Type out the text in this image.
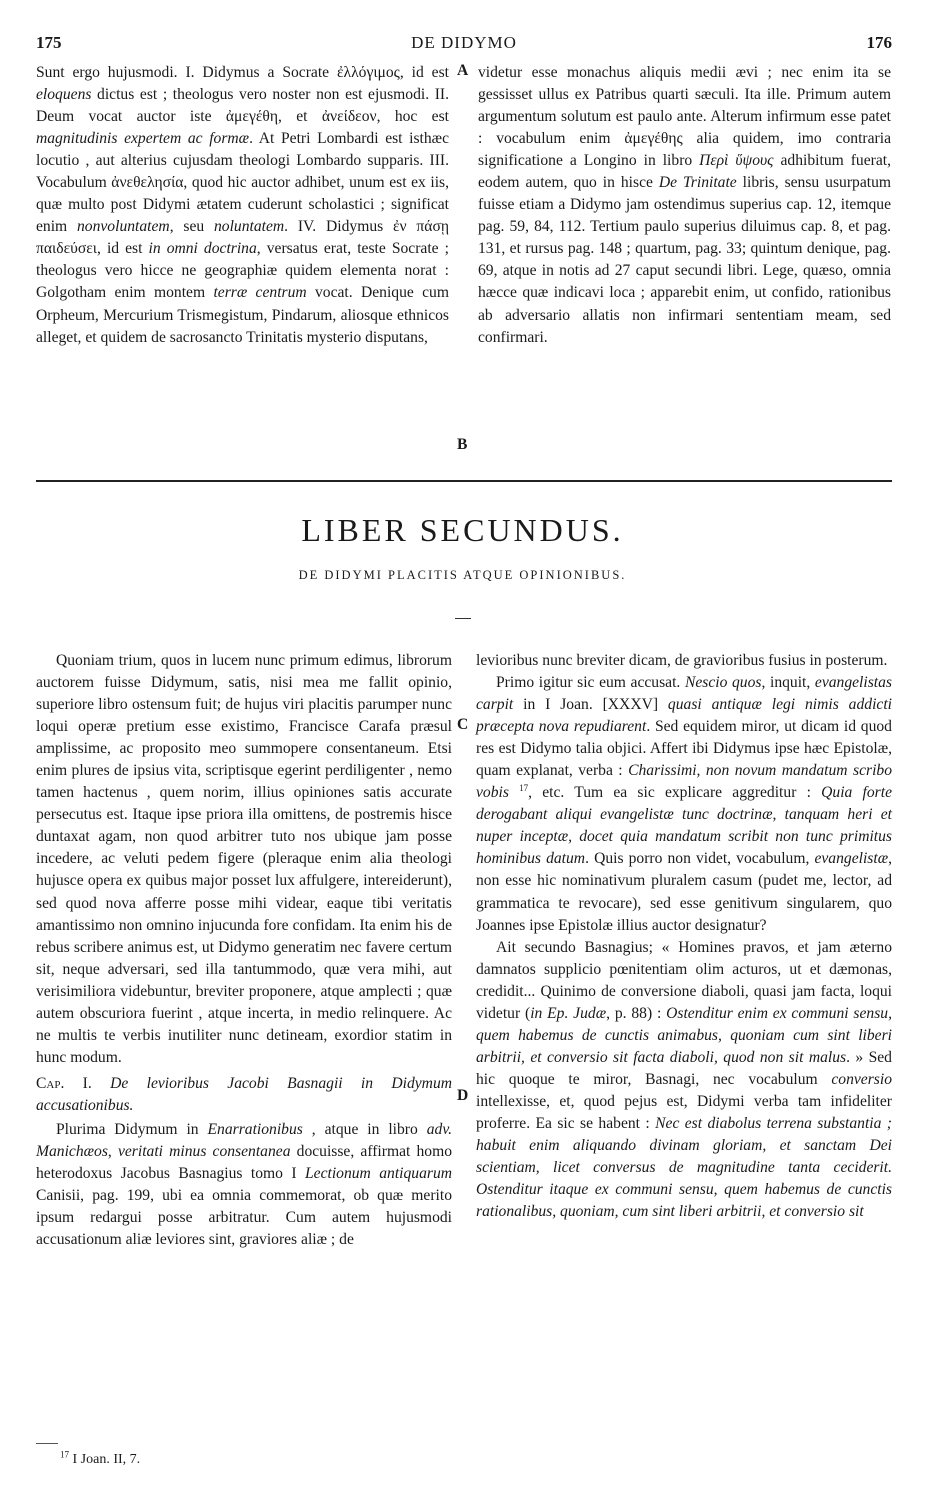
175	DE DIDYMO	176

Sunt ergo hujusmodi. I. Didymus a Socrate ἐλλόγιμος, id est eloquens dictus est ; theologus vero noster non est ejusmodi. II. Deum vocat auctor iste ἀμεγέθη, et ἀνείδεον, hoc est magnitudinis expertem ac formæ. At Petri Lombardi est isthæc locutio , aut alterius cujusdam theologi Lombardo supparis. III. Vocabulum ἀνεθελησία, quod hic auctor adhibet, unum est ex iis, quæ multo post Didymi ætatem cuderunt scholastici ; significat enim nonvoluntatem, seu noluntatem. IV. Didymus ἐν πάσῃ παιδεύσει, id est in omni doctrina, versatus erat, teste Socrate ; theologus vero hicce ne geographiæ quidem elementa norat : Golgotham enim montem terræ centrum vocat. Denique cum Orpheum, Mercurium Trismegistum, Pindarum, aliosque ethnicos alleget, et quidem de sacrosancto Trinitatis mysterio disputans,

videtur esse monachus aliquis medii ævi ; nec enim ita se gessisset ullus ex Patribus quarti sæculi. Ita ille. Primum autem argumentum solutum est paulo ante. Alterum infirmum esse patet : vocabulum enim ἀμεγέθης alia quidem, imo contraria significatione a Longino in libro Περὶ ὕψους adhibitum fuerat, eodem autem, quo in hisce De Trinitate libris, sensu usurpatum fuisse etiam a Didymo jam ostendimus superius cap. 12, itemque pag. 59, 84, 112. Tertium paulo superius diluimus cap. 8, et pag. 131, et rursus pag. 148 ; quartum, pag. 33; quintum denique, pag. 69, atque in notis ad 27 caput secundi libri. Lege, quæso, omnia hæcce quæ indicavi loca ; apparebit enim, ut confido, rationibus ab adversario allatis non infirmari sententiam meam, sed confirmari.

A
B
LIBER SECUNDUS.
DE DIDYMI PLACITIS ATQUE OPINIONIBUS.

Quoniam trium, quos in lucem nunc primum edimus, librorum auctorem fuisse Didymum, satis, nisi mea me fallit opinio, superiore libro ostensum fuit; de hujus viri placitis parumper nunc loqui operæ pretium esse existimo, Francisce Carafa præsul amplissime, ac proposito meo summopere consentaneum. Etsi enim plures de ipsius vita, scriptisque egerint perdiligenter , nemo tamen hactenus , quem norim, illius opiniones satis accurate persecutus est. Itaque ipse priora illa omittens, de postremis hisce duntaxat agam, non quod arbitrer tuto nos ubique jam posse incedere, ac veluti pedem figere (pleraque enim alia theologi hujusce opera ex quibus major posset lux affulgere, intereiderunt), sed quod nova afferre posse mihi videar, eaque tibi veritatis amantissimo non omnino injucunda fore confidam. Ita enim his de rebus scribere animus est, ut Didymo generatim nec favere certum sit, neque adversari, sed illa tantummodo, quæ vera mihi, aut verisimiliora videbuntur, breviter proponere, atque amplecti ; quæ autem obscuriora fuerint , atque incerta, in medio relinquere. Ac ne multis te verbis inutiliter nunc detineam, exordior statim in hunc modum.

Cap. I. De levioribus Jacobi Basnagii in Didymum accusationibus.

Plurima Didymum in Enarrationibus , atque in libro adv. Manichæos, veritati minus consentanea docuisse, affirmat homo heterodoxus Jacobus Basnagius tomo I Lectionum antiquarum Canisii, pag. 199, ubi ea omnia commemorat, ob quæ merito ipsum redargui posse arbitratur. Cum autem hujusmodi accusationum aliæ leviores sint, graviores aliæ ; de

levioribus nunc breviter dicam, de gravioribus fusius in posterum.

Primo igitur sic eum accusat. Nescio quos, inquit, evangelistas carpit in I Joan. [XXXV] quasi antiquæ legi nimis addicti præcepta nova repudiarent. Sed equidem miror, ut dicam id quod res est Didymo talia objici. Affert ibi Didymus ipse hæc Epistolæ, quam explanat, verba : Charissimi, non novum mandatum scribo vobis $^{17}$, etc. Tum ea sic explicare aggreditur : Quia forte derogabant aliqui evangelistæ tunc doctrinæ, tanquam heri et nuper inceptæ, docet quia mandatum scribit non tunc primitus hominibus datum. Quis porro non videt, vocabulum, evangelistæ, non esse hic nominativum pluralem casum (pudet me, lector, ad grammatica te revocare), sed esse genitivum singularem, quo Joannes ipse Epistolæ illius auctor designatur?

Ait secundo Basnagius; « Homines pravos, et jam æterno damnatos supplicio pœnitentiam olim acturos, ut et dæmonas, credidit... Quinimo de conversione diaboli, quasi jam facta, loqui videtur (in Ep. Judæ, p. 88) : Ostenditur enim ex communi sensu, quem habemus de cunctis animabus, quoniam cum sint liberi arbitrii, et conversio sit facta diaboli, quod non sit malus. » Sed hic quoque te miror, Basnagi, nec vocabulum conversio intellexisse, et, quod pejus est, Didymi verba tam infideliter proferre. Ea sic se habent : Nec est diabolus terrena substantia ; habuit enim aliquando divinam gloriam, et sanctam Dei scientiam, licet conversus de magnitudine tanta ceciderit. Ostenditur itaque ex communi sensu, quem habemus de cunctis rationalibus, quoniam, cum sint liberi arbitrii, et conversio sit

C
D
$^{17}$ I Joan. II, 7.
